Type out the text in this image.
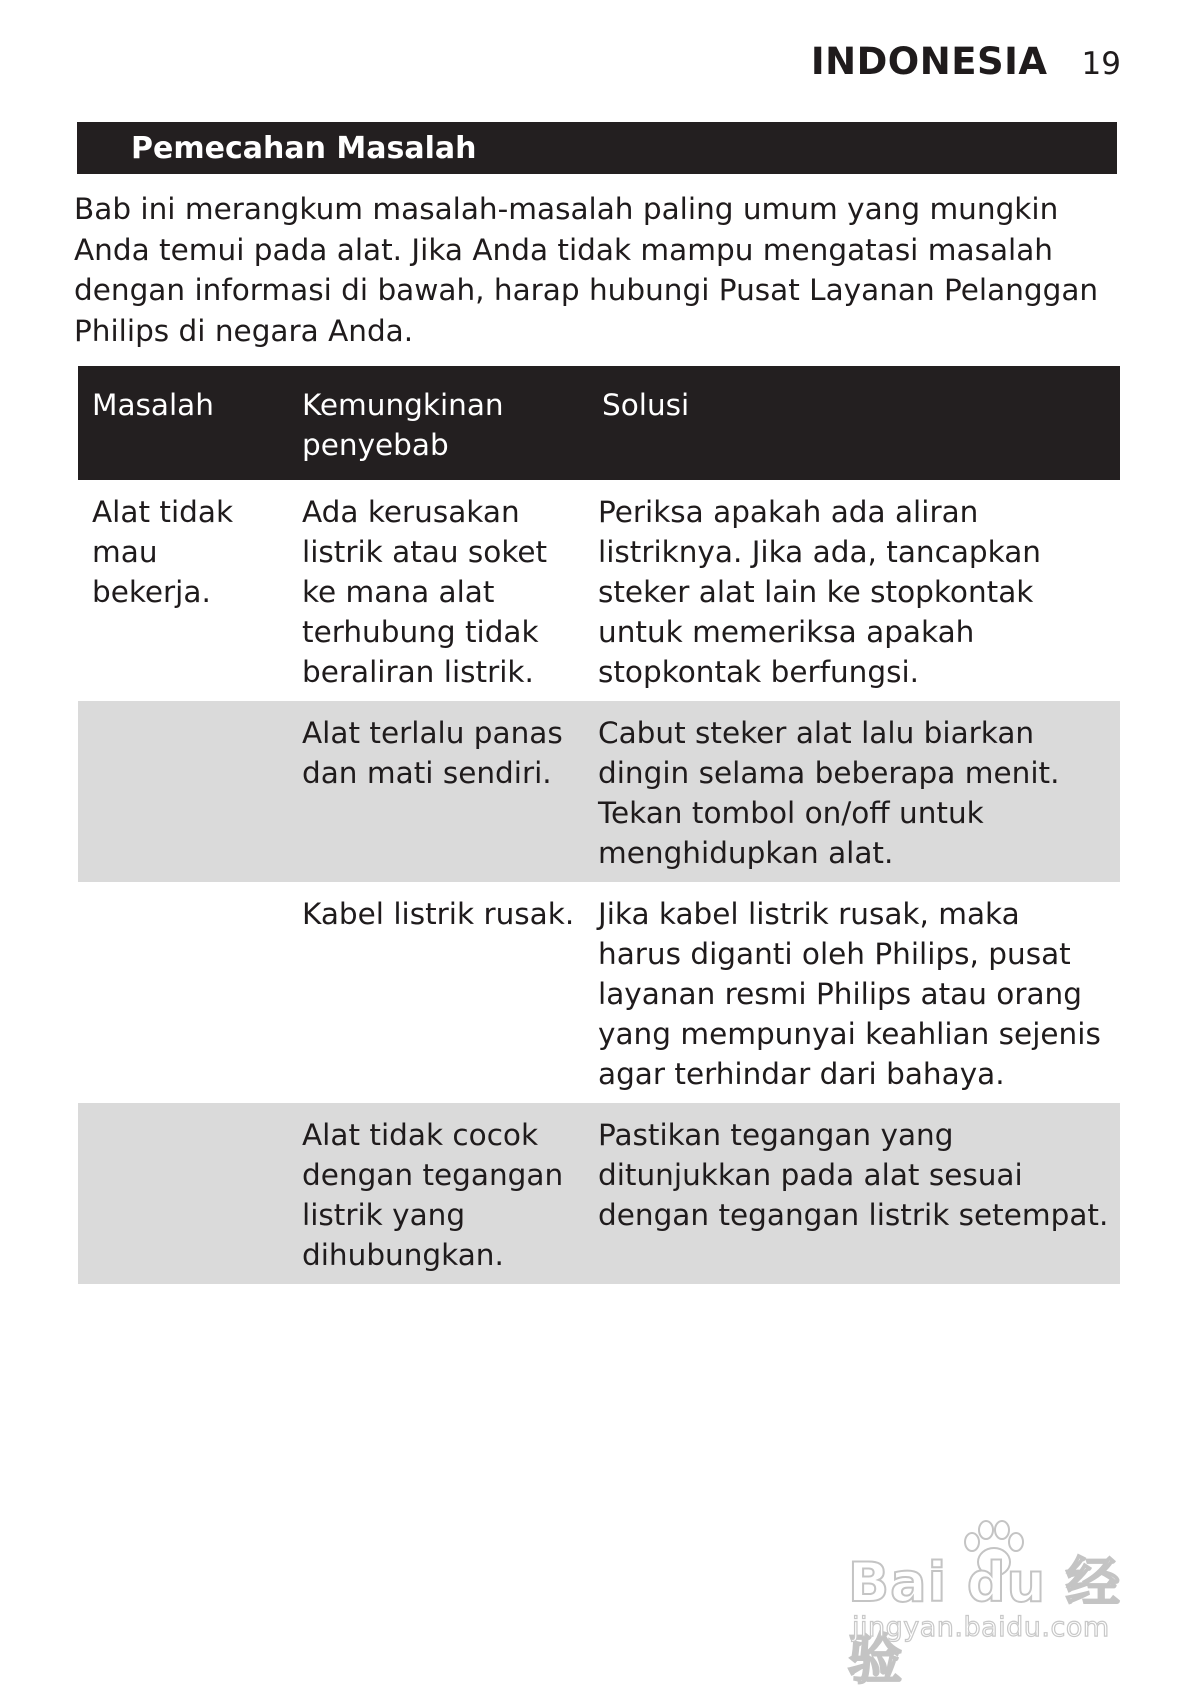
INDONESIA 19
Pemecahan Masalah

Bab ini merangkum masalah-masalah paling umum yang mungkin Anda temui pada alat. Jika Anda tidak mampu mengatasi masalah dengan informasi di bawah, harap hubungi Pusat Layanan Pelanggan Philips di negara Anda.

Masalah	Kemungkinan penyebab	Solusi
Alat tidak mau bekerja.	Ada kerusakan listrik atau soket ke mana alat terhubung tidak beraliran listrik.	Periksa apakah ada aliran listriknya. Jika ada, tancapkan steker alat lain ke stopkontak untuk memeriksa apakah stopkontak berfungsi.
	Alat terlalu panas dan mati sendiri.	Cabut steker alat lalu biarkan dingin selama beberapa menit. Tekan tombol on/off untuk menghidupkan alat.
	Kabel listrik rusak.	Jika kabel listrik rusak, maka harus diganti oleh Philips, pusat layanan resmi Philips atau orang yang mempunyai keahlian sejenis agar terhindar dari bahaya.
	Alat tidak cocok dengan tegangan listrik yang dihubungkan.	Pastikan tegangan yang ditunjukkan pada alat sesuai dengan tegangan listrik setempat.
Bai du 经验
jingyan.baidu.com
